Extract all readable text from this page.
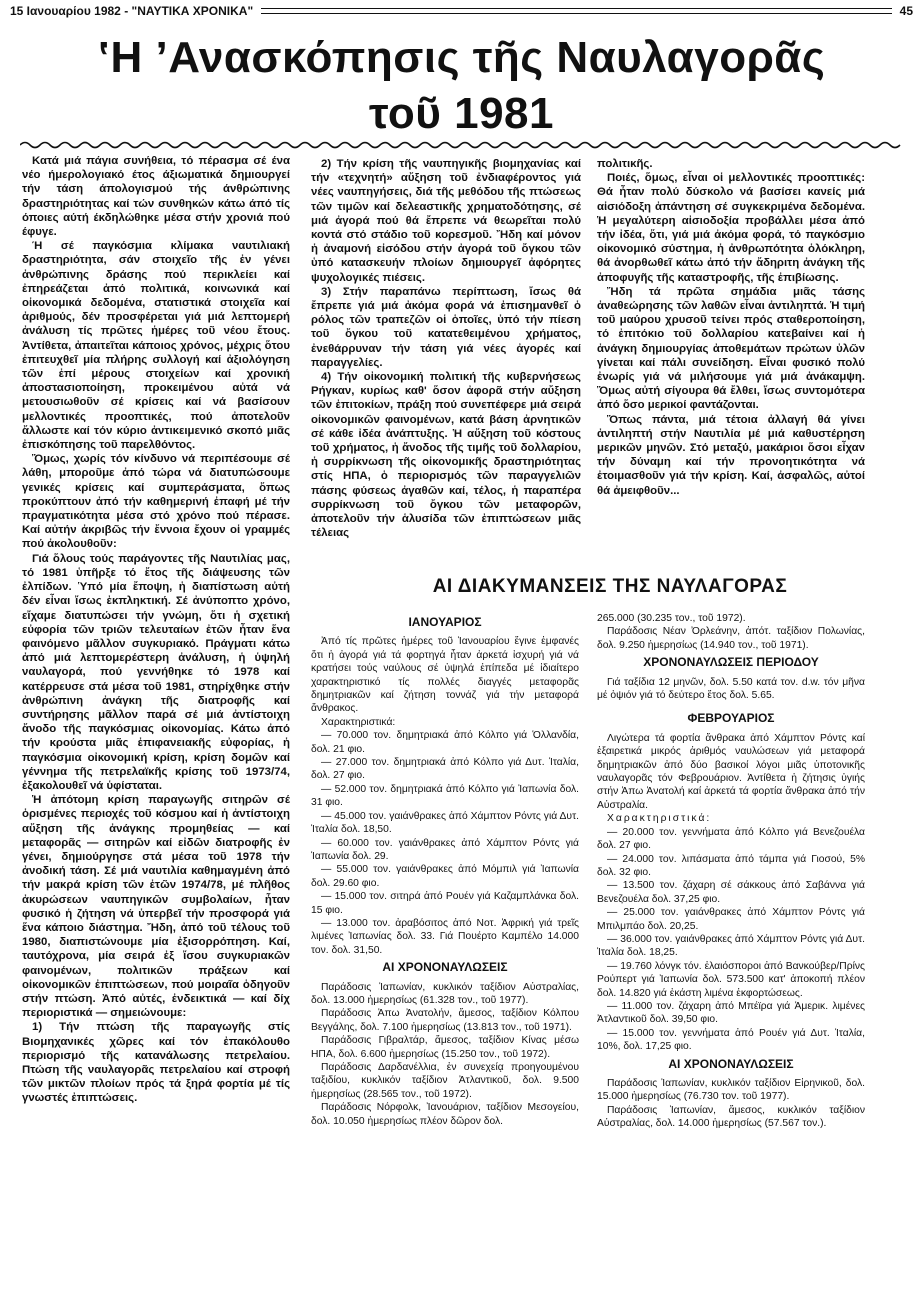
15 Ιανουαρίου 1982 - "ΝΑΥΤΙΚΑ ΧΡΟΝΙΚΑ"	45
ʽΗ ʼΑνασκόπησις τῆς Ναυλαγορᾶς
τοῦ 1981

Κατά μιά πάγια συνήθεια, τό πέρασμα σέ ένα νέο ήμερολογιακό έτος άξιωματικά δημιουργεί τήν τάση άπολογισμού τής άνθρώπινης δραστηριότητας καί τών συνθηκών κάτω άπό τίς όποιες αύτή έκδηλώθηκε μέσα στήν χρονιά πού έφυγε.

Ή σέ παγκόσμια κλίμακα ναυτιλιακή δραστηριότητα, σάν στοιχεῖο τῆς ἐν γένει ἀνθρώπινης δράσης πού περικλείει καί ἐπηρεάζεται ἀπό πολιτικά, κοινωνικά καί οἰκονομικά δεδομένα, στατιστικά στοιχεῖα καί ἀριθμούς, δέν προσφέρεται γιά μιά λεπτομερή ἀνάλυση τίς πρῶτες ἡμέρες τοῦ νέου ἔτους. Ἀντίθετα, ἀπαιτεῖται κάποιος χρόνος, μέχρις ὅτου ἐπιτευχθεῖ μία πλήρης συλλογή καί ἀξιολόγηση τῶν ἐπί μέρους στοιχείων καί χρονική ἀποστασιοποίηση, προκειμένου αὐτά νά μετουσιωθοῦν σέ κρίσεις καί νά βασίσουν μελλοντικές προοπτικές, πού ἀποτελοῦν ἄλλωστε καί τόν κύριο ἀντικειμενικό σκοπό μιᾶς ἐπισκόπησης τοῦ παρελθόντος.

Ὅμως, χωρίς τόν κίνδυνο νά περιπέσουμε σέ λάθη, μποροῦμε ἀπό τώρα νά διατυπώσουμε γενικές κρίσεις καί συμπεράσματα, ὅπως προκύπτουν ἀπό τήν καθημερινή ἐπαφή μέ τήν πραγματικότητα μέσα στό χρόνο πού πέρασε. Καί αὐτήν ἀκριβῶς τήν ἔννοια ἔχουν οἱ γραμμές πού ἀκολουθοῦν:

Γιά ὅλους τούς παράγοντες τῆς Ναυτιλίας μας, τό 1981 ὑπῆρξε τό ἔτος τῆς διάψευσης τῶν ἐλπίδων. Ὑπό μία ἔποψη, ἡ διαπίστωση αὐτή δέν εἶναι ἴσως ἐκπληκτική. Σέ ἀνύποπτο χρόνο, εἴχαμε διατυπώσει τήν γνώμη, ὅτι ἡ σχετική εὐφορία τῶν τριῶν τελευταίων ἐτῶν ἦταν ἕνα φαινόμενο μᾶλλον συγκυριακό. Πράγματι κάτω ἀπό μιά λεπτομερέστερη ἀνάλυση, ἡ ὑψηλή ναυλαγορά, πού γεννήθηκε τό 1978 καί κατέρρευσε στά μέσα τοῦ 1981, στηρίχθηκε στήν ἀνθρώπινη ἀνάγκη τῆς διατροφῆς καί συντήρησης μᾶλλον παρά σέ μιά ἀντίστοιχη ἄνοδο τῆς παγκόσμιας οἰκονομίας. Κάτω ἀπό τήν κρούστα μιᾶς ἐπιφανειακῆς εὐφορίας, ἡ παγκόσμια οἰκονομική κρίση, κρίση δομῶν καί γέννημα τῆς πετρελαϊκῆς κρίσης τοῦ 1973/74, ἐξακολουθεῖ νά ὑφίσταται.

Ἡ ἀπότομη κρίση παραγωγῆς σιτηρῶν σέ ὁρισμένες περιοχές τοῦ κόσμου καί ἡ ἀντίστοιχη αὔξηση τῆς ἀνάγκης προμηθείας — καί μεταφορᾶς — σιτηρῶν καί εἰδῶν διατροφῆς ἐν γένει, δημιούργησε στά μέσα τοῦ 1978 τήν ἀνοδική τάση. Σέ μιά ναυτιλία καθημαγμένη ἀπό τήν μακρά κρίση τῶν ἐτῶν 1974/78, μέ πλῆθος ἀκυρώσεων ναυπηγικῶν συμβολαίων, ἦταν φυσικό ἡ ζήτηση νά ὑπερβεῖ τήν προσφορά γιά ἕνα κάποιο διάστημα. Ἤδη, ἀπό τοῦ τέλους τοῦ 1980, διαπιστώνουμε μία ἐξισορρόπηση. Καί, ταυτόχρονα, μία σειρά ἐξ ἴσου συγκυριακῶν φαινομένων, πολιτικῶν πράξεων καί οἰκονομικῶν ἐπιπτώσεων, πού μοιραῖα ὁδηγοῦν στήν πτώση. Ἀπό αὐτές, ἐνδεικτικά — καί δίχ περιοριστικά — σημειώνουμε:

1) Τήν πτώση τῆς παραγωγῆς στίς Βιομηχανικές χῶρες καί τόν ἐπακόλουθο περιορισμό τῆς κατανάλωσης πετρελαίου. Πτώση τῆς ναυλαγορᾶς πετρελαίου καί στροφή τῶν μικτῶν πλοίων πρός τά ξηρά φορτία μέ τίς γνωστές ἐπιπτώσεις.

2) Τήν κρίση τῆς ναυπηγικῆς βιομηχανίας καί τήν «τεχνητή» αὔξηση τοῦ ἐνδιαφέροντος γιά νέες ναυπηγήσεις, διά τῆς μεθόδου τῆς πτώσεως τῶν τιμῶν καί δελεαστικῆς χρηματοδότησης, σέ μιά ἀγορά πού θά ἔπρεπε νά θεωρεῖται πολύ κοντά στό στάδιο τοῦ κορεσμοῦ. Ἤδη καί μόνον ἡ ἀναμονή εἰσόδου στήν ἀγορά τοῦ ὄγκου τῶν ὑπό κατασκευήν πλοίων δημιουργεῖ ἀφόρητες ψυχολογικές πιέσεις.

3) Στήν παραπάνω περίπτωση, ἴσως θά ἔπρεπε γιά μιά ἀκόμα φορά νά ἐπισημανθεῖ ὁ ρόλος τῶν τραπεζῶν οἱ ὁποῖες, ὑπό τήν πίεση τοῦ ὄγκου τοῦ κατατεθειμένου χρήματος, ἐνεθάρρυναν τήν τάση γιά νέες ἀγορές καί παραγγελίες.

4) Τήν οἰκονομική πολιτική τῆς κυβερνήσεως Ρήγκαν, κυρίως καθ' ὅσον ἀφορᾶ στήν αὔξηση τῶν ἐπιτοκίων, πράξη πού συνεπέφερε μιά σειρά οἰκονομικῶν φαινομένων, κατά βάση ἀρνητικῶν σέ κάθε ἰδέα ἀνάπτυξης. Ἡ αὔξηση τοῦ κόστους τοῦ χρήματος, ἡ ἄνοδος τῆς τιμῆς τοῦ δολλαρίου, ἡ συρρίκνωση τῆς οἰκονομικῆς δραστηριότητας στίς ΗΠΑ, ὁ περιορισμός τῶν παραγγελιῶν πάσης φύσεως ἀγαθῶν καί, τέλος, ἡ παραπέρα συρρίκνωση τοῦ ὄγκου τῶν μεταφορῶν, ἀποτελοῦν τήν ἁλυσίδα τῶν ἐπιπτώσεων μιᾶς τέλειας

πολιτικῆς.

Ποιές, ὅμως, εἶναι οἱ μελλοντικές προοπτικές: Θά ἦταν πολύ δύσκολο νά βασίσει κανείς μιά αἰσιόδοξη ἀπάντηση σέ συγκεκριμένα δεδομένα. Ἡ μεγαλύτερη αἰσιοδοξία προβάλλει μέσα ἀπό τήν ἰδέα, ὅτι, γιά μιά ἀκόμα φορά, τό παγκόσμιο οἰκονομικό σύστημα, ἡ ἀνθρωπότητα ὁλόκληρη, θά ἀνορθωθεῖ κάτω ἀπό τήν ἄδηριτη ἀνάγκη τῆς ἀποφυγῆς τῆς καταστροφῆς, τῆς ἐπιβίωσης.

Ἤδη τά πρῶτα σημάδια μιᾶς τάσης ἀναθεώρησης τῶν λαθῶν εἶναι ἀντιληπτά. Ἡ τιμή τοῦ μαύρου χρυσοῦ τείνει πρός σταθεροποίηση, τό ἐπιτόκιο τοῦ δολλαρίου κατεβαίνει καί ἡ ἀνάγκη δημιουργίας ἀποθεμάτων πρώτων ὑλῶν γίνεται καί πάλι συνείδηση. Εἶναι φυσικό πολύ ἐνωρίς γιά νά μιλήσουμε γιά μιά ἀνάκαμψη. Ὅμως αὐτή σίγουρα θά ἔλθει, ἴσως συντομότερα ἀπό ὅσο μερικοί φαντάζονται.

Ὅπως πάντα, μιά τέτοια ἀλλαγή θά γίνει ἀντιληπτή στήν Ναυτιλία μέ μιά καθυστέρηση μερικῶν μηνῶν. Στό μεταξύ, μακάριοι ὅσοι εἶχαν τήν δύναμη καί τήν προνοητικότητα νά ἐτοιμασθοῦν γιά τήν κρίση. Καί, ἀσφαλῶς, αὐτοί θά ἀμειφθοῦν...

ΑΙ ΔΙΑΚΥΜΑΝΣΕΙΣ ΤΗΣ ΝΑΥΛΑΓΟΡΑΣ
ΙΑΝΟΥΑΡΙΟΣ

Ἀπό τίς πρῶτες ἡμέρες τοῦ Ἰανουαρίου ἔγινε ἐμφανές ὅτι ἡ ἀγορά γιά τά φορτηγά ἦταν ἀρκετά ἰσχυρή γιά νά κρατήσει τούς ναύλους σέ ὑψηλά ἐπίπεδα μέ ἰδιαίτερο χαρακτηριστικό τίς πολλές διαγγές μεταφορᾶς δημητριακῶν καί ζήτηση τοννάζ γιά τήν μεταφορά ἄνθρακος.

Χαρακτηριστικά:

— 70.000 τον. δημητριακά ἀπό Κόλπο γιά Ὁλλανδία, δολ. 21 φιο.

— 27.000 τον. δημητριακά ἀπό Κόλπο γιά Δυτ. Ἰταλία, δολ. 27 φιο.

— 52.000 τον. δημητριακά ἀπό Κόλπο γιά Ἰαπωνία δολ. 31 φιο.

— 45.000 τον. γαιάνθρακες ἀπό Χάμπτον Ρόντς γιά Δυτ. Ἰταλία δολ. 18,50.

— 60.000 τον. γαιάνθρακες ἀπό Χάμπτον Ρόντς γιά Ἰαπωνία δολ. 29.

— 55.000 τον. γαιάνθρακες ἀπό Μόμπιλ γιά Ἰαπωνία δολ. 29.60 φιο.

— 15.000 τον. σιτηρά ἀπό Ρουέν γιά Καζαμπλάνκα δολ. 15 φιο.

— 13.000 τον. ἀραβόσιτος ἀπό Νοτ. Ἀφρική γιά τρεῖς λιμένες Ἰαπωνίας δολ. 33. Γιά Πουέρτο Καμπέλο 14.000 τον. δολ. 31,50.

ΑΙ ΧΡΟΝΟΝΑΥΛΩΣΕΙΣ

Παράδοσις Ἰαπωνίαν, κυκλικόν ταξίδιον Αὐστραλίας, δολ. 13.000 ἡμερησίως (61.328 τον., τοῦ 1977).

Παράδοσις Ἀπω Ἀνατολήν, ἄμεσος, ταξίδιον Κόλπου Βεγγάλης, δολ. 7.100 ἡμερησίως (13.813 τον., τοῦ 1971).

Παράδοσις Γιβραλτάρ, ἄμεσος, ταξίδιον Κίνας μέσω ΗΠΑ, δολ. 6.600 ἡμερησίως (15.250 τον., τοῦ 1972).

Παράδοσις Δαρδανέλλια, ἐν συνεχείᾳ προηγουμένου ταξιδίου, κυκλικόν ταξίδιον Ἀτλαντικοῦ, δολ. 9.500 ἡμερησίως (28.565 τον., τοῦ 1972).

Παράδοσις Νόρφολκ, Ἰανουάριον, ταξίδιον Μεσογείου, δολ. 10.050 ἡμερησίως πλέον δῶρον δολ.

265.000 (30.235 τον., τοῦ 1972).

Παράδοσις Νέαν Ὀρλεάνην, ἀπότ. ταξίδιον Πολωνίας, δολ. 9.250 ἡμερησίως (14.940 τον., τοῦ 1971).

ΧΡΟΝΟΝΑΥΛΩΣΕΙΣ ΠΕΡΙΟΔΟΥ

Γιά ταξίδια 12 μηνῶν, δολ. 5.50 κατά τον. d.w. τόν μῆνα μέ ὀψιόν γιά τό δεύτερο ἔτος δολ. 5.65.

ΦΕΒΡΟΥΑΡΙΟΣ

Λιγώτερα τά φορτία ἄνθρακα ἀπό Χάμπτον Ρόντς καί ἐξαιρετικά μικρός ἀριθμός ναυλώσεων γιά μεταφορά δημητριακῶν ἀπό δύο βασικοί λόγοι μιᾶς ὑποτονικῆς ναυλαγορᾶς τόν Φεβρουάριον. Ἀντίθετα ἡ ζήτησις ὑγιής στήν Ἀπω Ἀνατολή καί ἀρκετά τά φορτία ἄνθρακα ἀπό τήν Αὐστραλία.

Χαρακτηριστικά:

— 20.000 τον. γεννήματα ἀπό Κόλπο γιά Βενεζουέλα δολ. 27 φιο.

— 24.000 τον. λιπάσματα ἀπό τάμπα γιά Γιοσού, 5% δολ. 32 φιο.

— 13.500 τον. ζάχαρη σέ σάκκους ἀπό Σαβάννα γιά Βενεζουέλα δολ. 37,25 φιο.

— 25.000 τον. γαιάνθρακες ἀπό Χάμπτον Ρόντς γιά Μπιλμπάο δολ. 20,25.

— 36.000 τον. γαιάνθρακες ἀπό Χάμπτον Ρόντς γιά Δυτ. Ἰταλία δολ. 18,25.

— 19.760 λόνγκ τόν. ἐλαιόσποροι ἀπό Βανκούβερ/Πρίνς Ρούπερτ γιά Ἰαπωνία δολ. 573.500 κατ' ἀποκοπή πλέον δολ. 14.820 γιά ἐκάστη λιμένα ἐκφορτώσεως.

— 11.000 τον. ζάχαρη ἀπό Μπέϊρα γιά Ἀμερικ. λιμένες Ἀτλαντικοῦ δολ. 39,50 φιο.

— 15.000 τον. γεννήματα ἀπό Ρουέν γιά Δυτ. Ἰταλία, 10%, δολ. 17,25 φιο.

ΑΙ ΧΡΟΝΟΝΑΥΛΩΣΕΙΣ

Παράδοσις Ἰαπωνίαν, κυκλικόν ταξίδιον Εἰρηνικοῦ, δολ. 15.000 ἡμερησίως (76.730 τον. τοῦ 1977).

Παράδοσις Ἰαπωνίαν, ἄμεσος, κυκλικόν ταξίδιον Αὐστραλίας, δολ. 14.000 ἡμερησίως (57.567 τον.).
